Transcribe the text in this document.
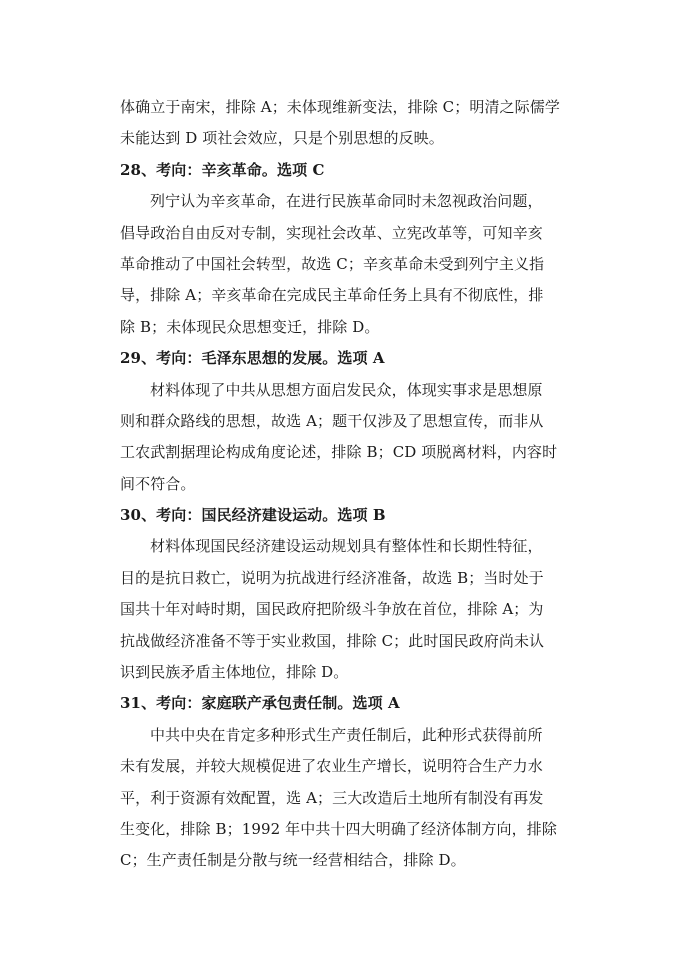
体确立于南宋，排除 A；未体现维新变法，排除 C；明清之际儒学
未能达到 D 项社会效应，只是个别思想的反映。
28、考向：辛亥革命。选项 C
列宁认为辛亥革命，在进行民族革命同时未忽视政治问题，
倡导政治自由反对专制，实现社会改革、立宪改革等，可知辛亥
革命推动了中国社会转型，故选 C；辛亥革命未受到列宁主义指
导，排除 A；辛亥革命在完成民主革命任务上具有不彻底性，排
除 B；未体现民众思想变迁，排除 D。
29、考向：毛泽东思想的发展。选项 A
材料体现了中共从思想方面启发民众，体现实事求是思想原
则和群众路线的思想，故选 A；题干仅涉及了思想宣传，而非从
工农武割据理论构成角度论述，排除 B；CD 项脱离材料，内容时
间不符合。
30、考向：国民经济建设运动。选项 B
材料体现国民经济建设运动规划具有整体性和长期性特征，
目的是抗日救亡，说明为抗战进行经济准备，故选 B；当时处于
国共十年对峙时期，国民政府把阶级斗争放在首位，排除 A；为
抗战做经济准备不等于实业救国，排除 C；此时国民政府尚未认
识到民族矛盾主体地位，排除 D。
31、考向：家庭联产承包责任制。选项 A
中共中央在肯定多种形式生产责任制后，此种形式获得前所
未有发展，并较大规模促进了农业生产增长，说明符合生产力水
平，利于资源有效配置，选 A；三大改造后土地所有制没有再发
生变化，排除 B；1992 年中共十四大明确了经济体制方向，排除
C；生产责任制是分散与统一经营相结合，排除 D。
